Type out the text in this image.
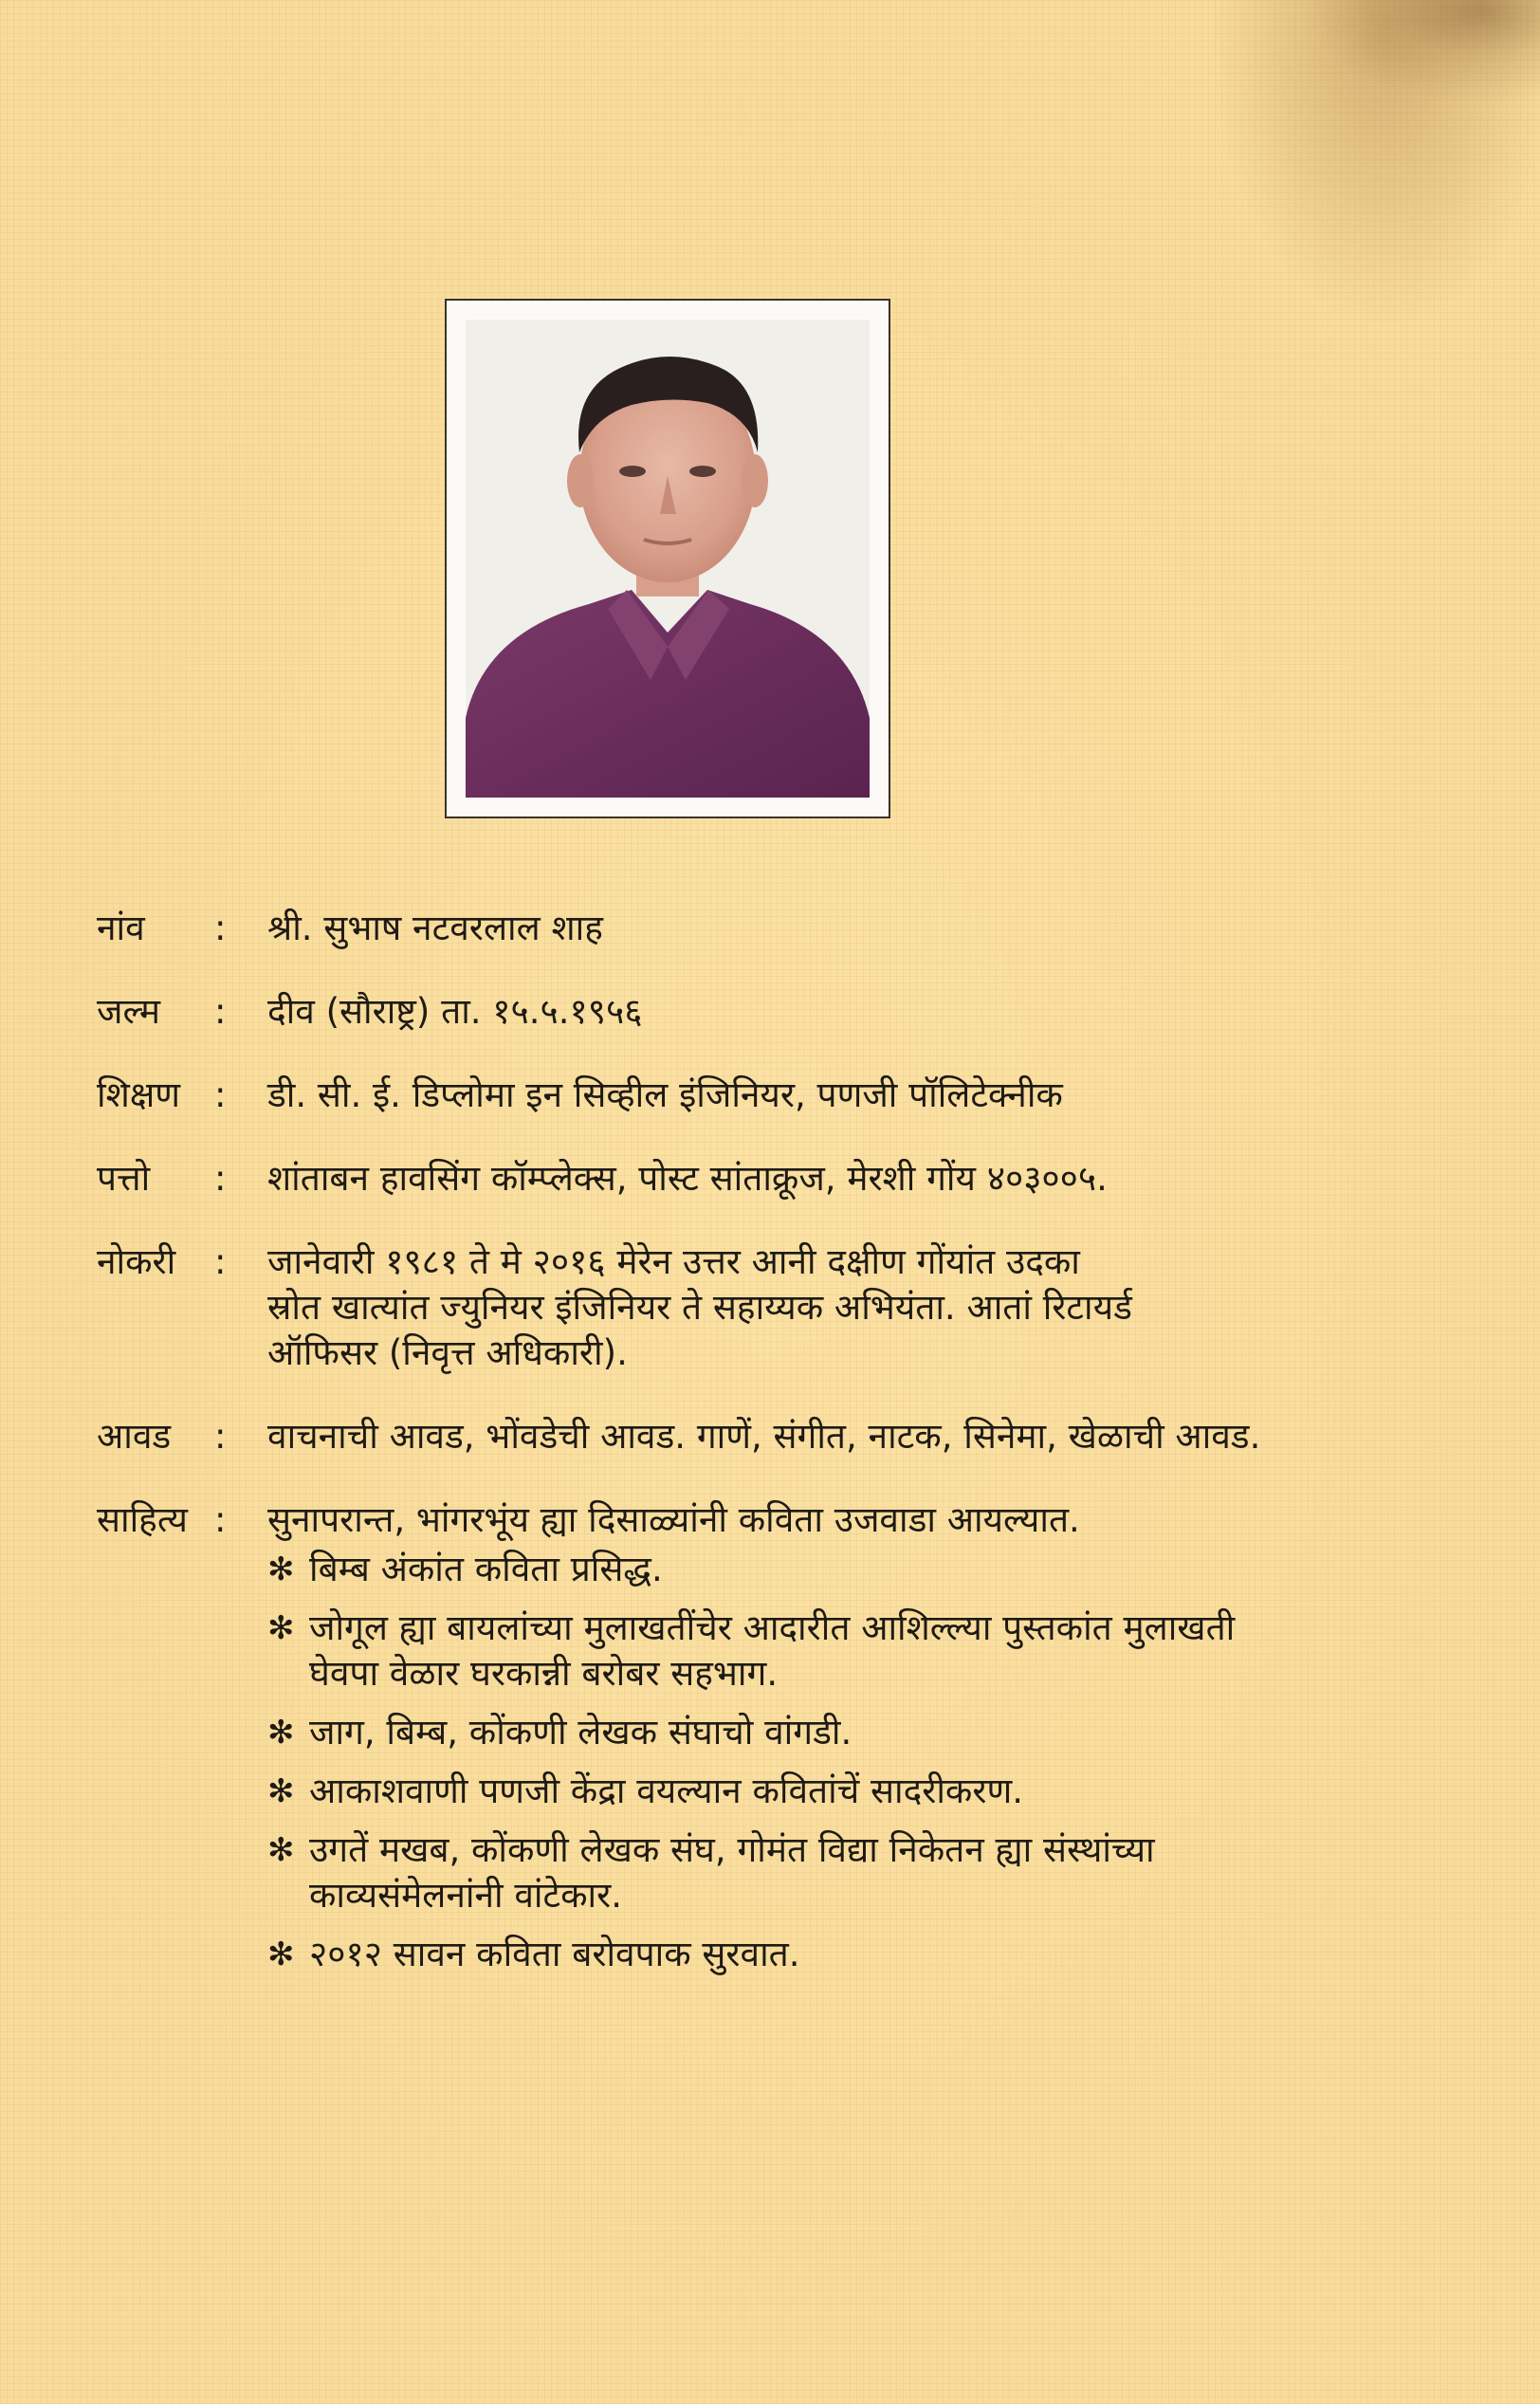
नांव	:	श्री. सुभाष नटवरलाल शाह
जल्म	:	दीव (सौराष्ट्र) ता. १५.५.१९५६
शिक्षण :	डी. सी. ई. डिप्लोमा इन सिव्हील इंजिनियर, पणजी पॉलिटेक्नीक
पत्तो	:	शांताबन हावसिंग कॉम्प्लेक्स, पोस्ट सांताक्रूज, मेरशी गोंय ४०३००५.
नोकरी	:	जानेवारी १९८१ ते मे २०१६ मेरेन उत्तर आनी दक्षीण गोंयांत उदका

स्रोत खात्यांत ज्युनियर इंजिनियर ते सहाय्यक अभियंता. आतां रिटायर्ड

ऑफिसर (निवृत्त अधिकारी).

आवड	:	वाचनाची आवड, भोंवडेची आवड. गाणें, संगीत, नाटक, सिनेमा, खेळाची आवड.
साहित्य :	सुनापरान्त, भांगरभूंय ह्या दिसाळ्यांनी कविता उजवाडा आयल्यात.

✻ बिम्ब अंकांत कविता प्रसिद्ध.

✻ जोगूल ह्या बायलांच्या मुलाखतींचेर आदारीत आशिल्ल्या पुस्तकांत मुलाखती

घेवपा वेळार घरकान्नी बरोबर सहभाग.

✻ जाग, बिम्ब, कोंकणी लेखक संघाचो वांगडी.

✻ आकाशवाणी पणजी केंद्रा वयल्यान कवितांचें सादरीकरण.

✻ उगतें मखब, कोंकणी लेखक संघ, गोमंत विद्या निकेतन ह्या संस्थांच्या

काव्यसंमेलनांनी वांटेकार.

✻ २०१२ सावन कविता बरोवपाक सुरवात.
